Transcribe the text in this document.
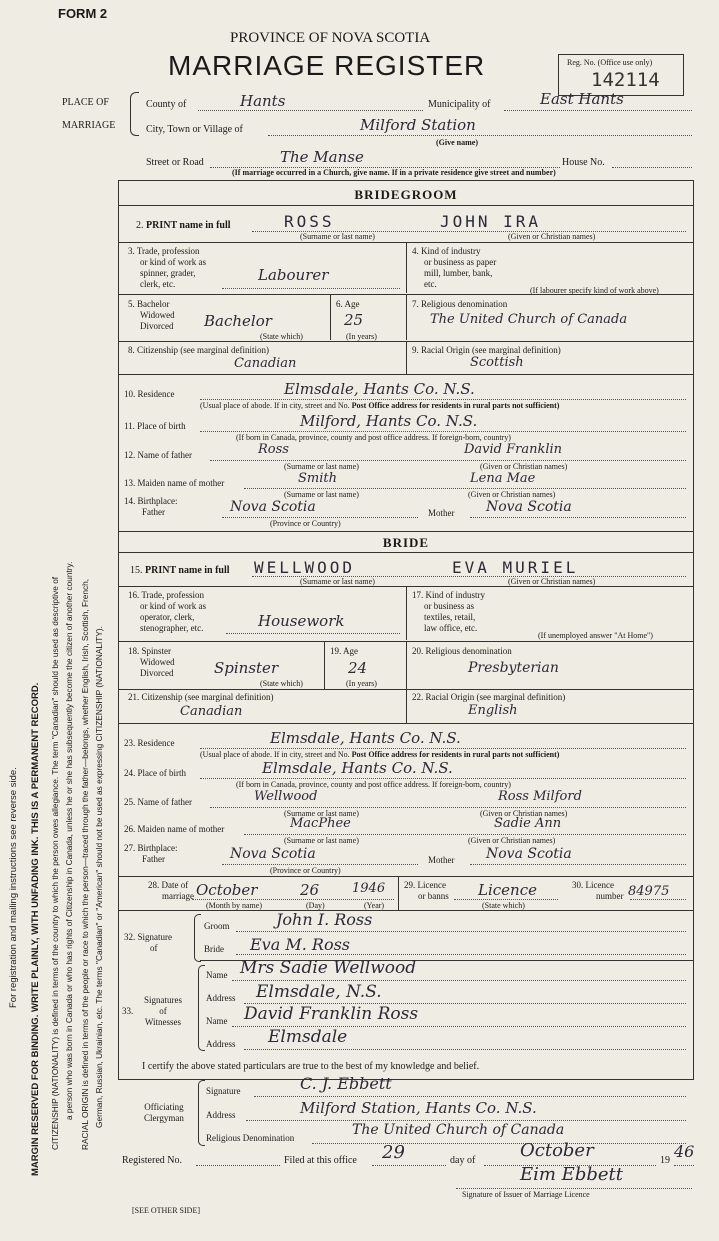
FORM 2
PROVINCE OF NOVA SCOTIA
MARRIAGE REGISTER	Reg. No. (Office use only)
142114
PLACE OF
MARRIAGE
County of	Hants	Municipality of	East Hants
City, Town or Village of	Milford Station
(Give name)
Street or Road	The Manse	House No.
(If marriage occurred in a Church, give name. If in a private residence give street and number)
BRIDEGROOM
2. PRINT name in full	ROSS	JOHN IRA
(Surname or last name)	(Given or Christian names)
3. Trade, profession
or kind of work as
spinner, grader,
clerk, etc.	Labourer
4. Kind of industry
or business as paper
mill, lumber, bank,
etc.
(If labourer specify kind of work above)
5. Bachelor
Widowed
Divorced Bachelor
(State which)
6. Age
25
(In years)
7. Religious denomination
The United Church of Canada
8. Citizenship (see marginal definition)
Canadian
9. Racial Origin (see marginal definition)
Scottish
10. Residence	Elmsdale, Hants Co. N.S.
(Usual place of abode. If in city, street and No. Post Office address for residents in rural parts not sufficient)
11. Place of birth	Milford, Hants Co. N.S.
(If born in Canada, province, county and post office address. If foreign-born, country)
12. Name of father	Ross	David Franklin
(Surname or last name)	(Given or Christian names)
13. Maiden name of mother	Smith	Lena Mae
(Surname or last name)	(Given or Christian names)
14. Birthplace:
Father	Nova Scotia	Mother Nova Scotia
(Province or Country)
BRIDE
15. PRINT name in full WELLWOOD	EVA MURIEL
(Surname or last name)	(Given or Christian names)
16. Trade, profession
or kind of work as
operator, clerk,
stenographer, etc.	Housework
17. Kind of industry
or business as
textiles, retail,
law office, etc.
(If unemployed answer "At Home")
18. Spinster
Widowed
Divorced	Spinster
(State which)
19. Age
24
(In years)
20. Religious denomination
Presbyterian
21. Citizenship (see marginal definition)
Canadian
22. Racial Origin (see marginal definition)
English
23. Residence	Elmsdale, Hants Co. N.S.
(Usual place of abode. If in city, street and No. Post Office address for residents in rural parts not sufficient)
24. Place of birth	Elmsdale, Hants Co. N.S.
(If born in Canada, province, county and post office address. If foreign-born, country)
25. Name of father	Wellwood	Ross Milford
(Surname or last name)	(Given or Christian names)
26. Maiden name of mother	MacPhee	Sadie Ann
(Surname or last name)	(Given or Christian names)
27. Birthplace:
Father	Nova Scotia	Mother Nova Scotia
(Province or Country)
28. Date of
marriage October	26	1946
(Month by name)	(Day)	(Year)
29. Licence
or banns Licence
(State which)
30. Licence
number 84975
32. Signature
of
Groom	John I. Ross
Bride Eva M. Ross
Signatures
of
Witnesses
33.
Name Mrs Sadie Wellwood
Address Elmsdale, N.S.
Name David Franklin Ross
Address Elmsdale
I certify the above stated particulars are true to the best of my knowledge and belief.
Officiating
Clergyman
Signature	C. J. Ebbett
Address	Milford Station, Hants Co. N.S.
Religious Denomination	The United Church of Canada
Registered No.	Filed at this office 29	day of October	19 46
Eim Ebbett
Signature of Issuer of Marriage Licence
[SEE OTHER SIDE]
For registration and mailing instructions see reverse side. MARGIN RESERVED FOR BINDING. WRITE PLAINLY, WITH UNFADING INK. THIS IS A PERMANENT RECORD. CITIZENSHIP (NATIONALITY) is defined in terms of the country to which the person owes allegiance. The term "Canadian" should be used as descriptive of a person who was born in Canada or who has rights of Citizenship in Canada, unless he or she has subsequently become the citizen of another country. RACIAL ORIGIN is defined in terms of the people or race to which the person—traced through the father—belongs, whether English, Irish, Scottish, French, German, Russian, Ukrainian, etc. The terms "Canadian" or "American" should not be used as expressing CITIZENSHIP (NATIONALITY).
